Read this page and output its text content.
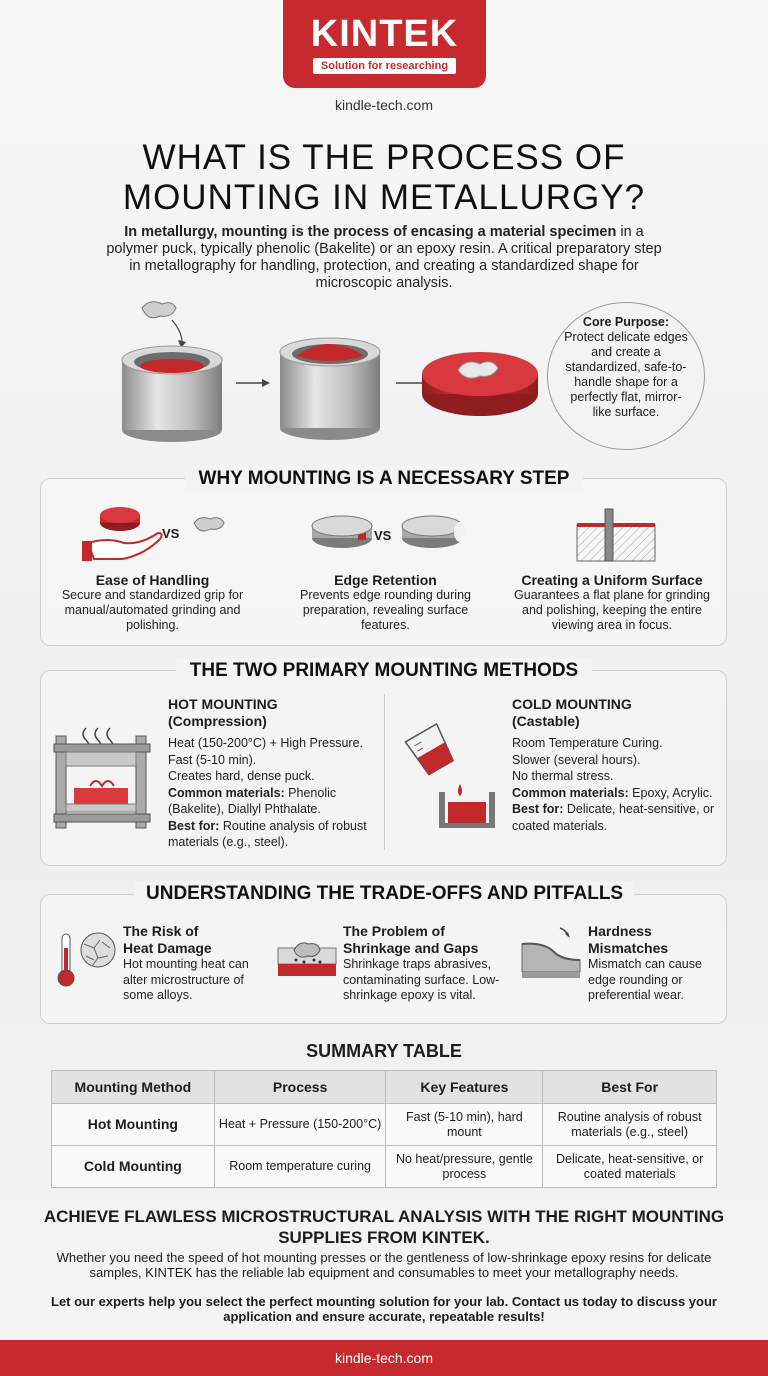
KINTEK
Solution for researching
kindle-tech.com
WHAT IS THE PROCESS OF
MOUNTING IN METALLURGY?
In metallurgy, mounting is the process of encasing a material specimen in a polymer puck, typically phenolic (Bakelite) or an epoxy resin. A critical preparatory step in metallography for handling, protection, and creating a standardized shape for microscopic analysis.
Core Purpose:
Protect delicate edges and create a standardized, safe-to-handle shape for a perfectly flat, mirror-like surface.
WHY MOUNTING IS A NECESSARY STEP
VS	VS
Ease of Handling
Secure and standardized grip for manual/automated grinding and polishing.
Edge Retention
Prevents edge rounding during preparation, revealing surface features.
Creating a Uniform Surface
Guarantees a flat plane for grinding and polishing, keeping the entire viewing area in focus.
THE TWO PRIMARY MOUNTING METHODS
HOT MOUNTING
(Compression)
Heat (150-200°C) + High Pressure.
Fast (5-10 min).
Creates hard, dense puck.
Common materials: Phenolic (Bakelite), Diallyl Phthalate.
Best for: Routine analysis of robust materials (e.g., steel).
COLD MOUNTING
(Castable)
Room Temperature Curing.
Slower (several hours).
No thermal stress.
Common materials: Epoxy, Acrylic.
Best for: Delicate, heat-sensitive, or coated materials.
UNDERSTANDING THE TRADE-OFFS AND PITFALLS
The Risk of
Heat Damage
Hot mounting heat can alter microstructure of some alloys.
The Problem of
Shrinkage and Gaps
Shrinkage traps abrasives, contaminating surface. Low-shrinkage epoxy is vital.
Hardness
Mismatches
Mismatch can cause edge rounding or preferential wear.
SUMMARY TABLE
Mounting Method	Process	Key Features	Best For
Hot Mounting	Heat + Pressure (150-200°C)	Fast (5-10 min), hard mount	Routine analysis of robust materials (e.g., steel)
Cold Mounting	Room temperature curing	No heat/pressure, gentle process	Delicate, heat-sensitive, or coated materials
ACHIEVE FLAWLESS MICROSTRUCTURAL ANALYSIS WITH THE RIGHT MOUNTING SUPPLIES FROM KINTEK.
Whether you need the speed of hot mounting presses or the gentleness of low-shrinkage epoxy resins for delicate samples, KINTEK has the reliable lab equipment and consumables to meet your metallography needs.
Let our experts help you select the perfect mounting solution for your lab. Contact us today to discuss your application and ensure accurate, repeatable results!
kindle-tech.com
